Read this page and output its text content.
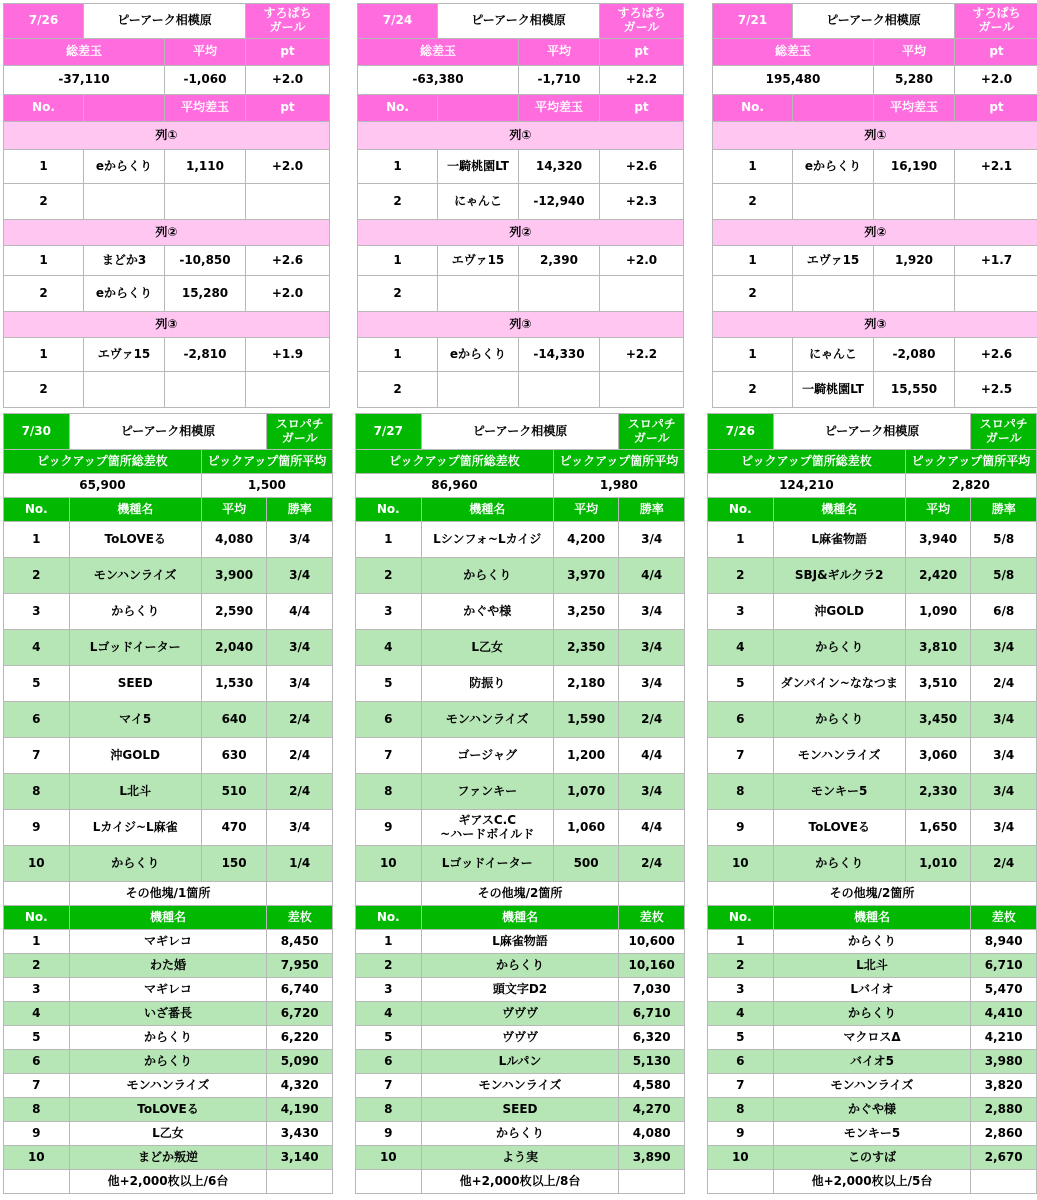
7/26	ピーアーク相模原		すろぱち
ガール
総差玉		平均	pt
-37,110		-1,060	+2.0
No.		平均差玉	pt
列①			
1	eからくり	1,110	+2.0
2			
列②			
1	まどか3	-10,850	+2.6
2	eからくり	15,280	+2.0
列③			
1	エヴァ15	-2,810	+1.9
2			
7/24	ピーアーク相模原		すろぱち
ガール
総差玉		平均	pt
-63,380		-1,710	+2.2
No.		平均差玉	pt
列①			
1	一騎桃園LT	14,320	+2.6
2	にゃんこ	-12,940	+2.3
列②			
1	エヴァ15	2,390	+2.0
2			
列③			
1	eからくり	-14,330	+2.2
2			
7/21	ピーアーク相模原		すろぱち
ガール
総差玉		平均	pt
195,480		5,280	+2.0
No.		平均差玉	pt
列①			
1	eからくり	16,190	+2.1
2			
列②			
1	エヴァ15	1,920	+1.7
2			
列③			
1	にゃんこ	-2,080	+2.6
2	一騎桃園LT	15,550	+2.5
7/30	ピーアーク相模原		スロパチ
ガール
ピックアップ箇所総差枚		ピックアップ箇所平均	
65,900		1,500	
No.	機種名	平均	勝率
1	ToLOVEる	4,080	3/4
2	モンハンライズ	3,900	3/4
3	からくり	2,590	4/4
4	Lゴッドイーター	2,040	3/4
5	SEED	1,530	3/4
6	マイ5	640	2/4
7	沖GOLD	630	2/4
8	L北斗	510	2/4
9	Lカイジ~L麻雀	470	3/4
10	からくり	150	1/4
	その他塊/1箇所		
No.	機種名		差枚
1	マギレコ		8,450
2	わた婚		7,950
3	マギレコ		6,740
4	いざ番長		6,720
5	からくり		6,220
6	からくり		5,090
7	モンハンライズ		4,320
8	ToLOVEる		4,190
9	L乙女		3,430
10	まどか叛逆		3,140
	他+2,000枚以上/6台		
7/27	ピーアーク相模原		スロパチ
ガール
ピックアップ箇所総差枚		ピックアップ箇所平均	
86,960		1,980	
No.	機種名	平均	勝率
1	Lシンフォ~Lカイジ	4,200	3/4
2	からくり	3,970	4/4
3	かぐや様	3,250	3/4
4	L乙女	2,350	3/4
5	防振り	2,180	3/4
6	モンハンライズ	1,590	2/4
7	ゴージャグ	1,200	4/4
8	ファンキー	1,070	3/4
9	ギアスC.C
~ハードボイルド	1,060	4/4
10	Lゴッドイーター	500	2/4
	その他塊/2箇所		
No.	機種名		差枚
1	L麻雀物語		10,600
2	からくり		10,160
3	頭文字D2		7,030
4	ヴヴヴ		6,710
5	ヴヴヴ		6,320
6	Lルパン		5,130
7	モンハンライズ		4,580
8	SEED		4,270
9	からくり		4,080
10	よう実		3,890
	他+2,000枚以上/8台		
7/26	ピーアーク相模原		スロパチ
ガール
ピックアップ箇所総差枚		ピックアップ箇所平均	
124,210		2,820	
No.	機種名	平均	勝率
1	L麻雀物語	3,940	5/8
2	SBJ&ギルクラ2	2,420	5/8
3	沖GOLD	1,090	6/8
4	からくり	3,810	3/4
5	ダンバイン~ななつま	3,510	2/4
6	からくり	3,450	3/4
7	モンハンライズ	3,060	3/4
8	モンキー5	2,330	3/4
9	ToLOVEる	1,650	3/4
10	からくり	1,010	2/4
	その他塊/2箇所		
No.	機種名		差枚
1	からくり		8,940
2	L北斗		6,710
3	Lバイオ		5,470
4	からくり		4,410
5	マクロスΔ		4,210
6	バイオ5		3,980
7	モンハンライズ		3,820
8	かぐや様		2,880
9	モンキー5		2,860
10	このすば		2,670
	他+2,000枚以上/5台		
